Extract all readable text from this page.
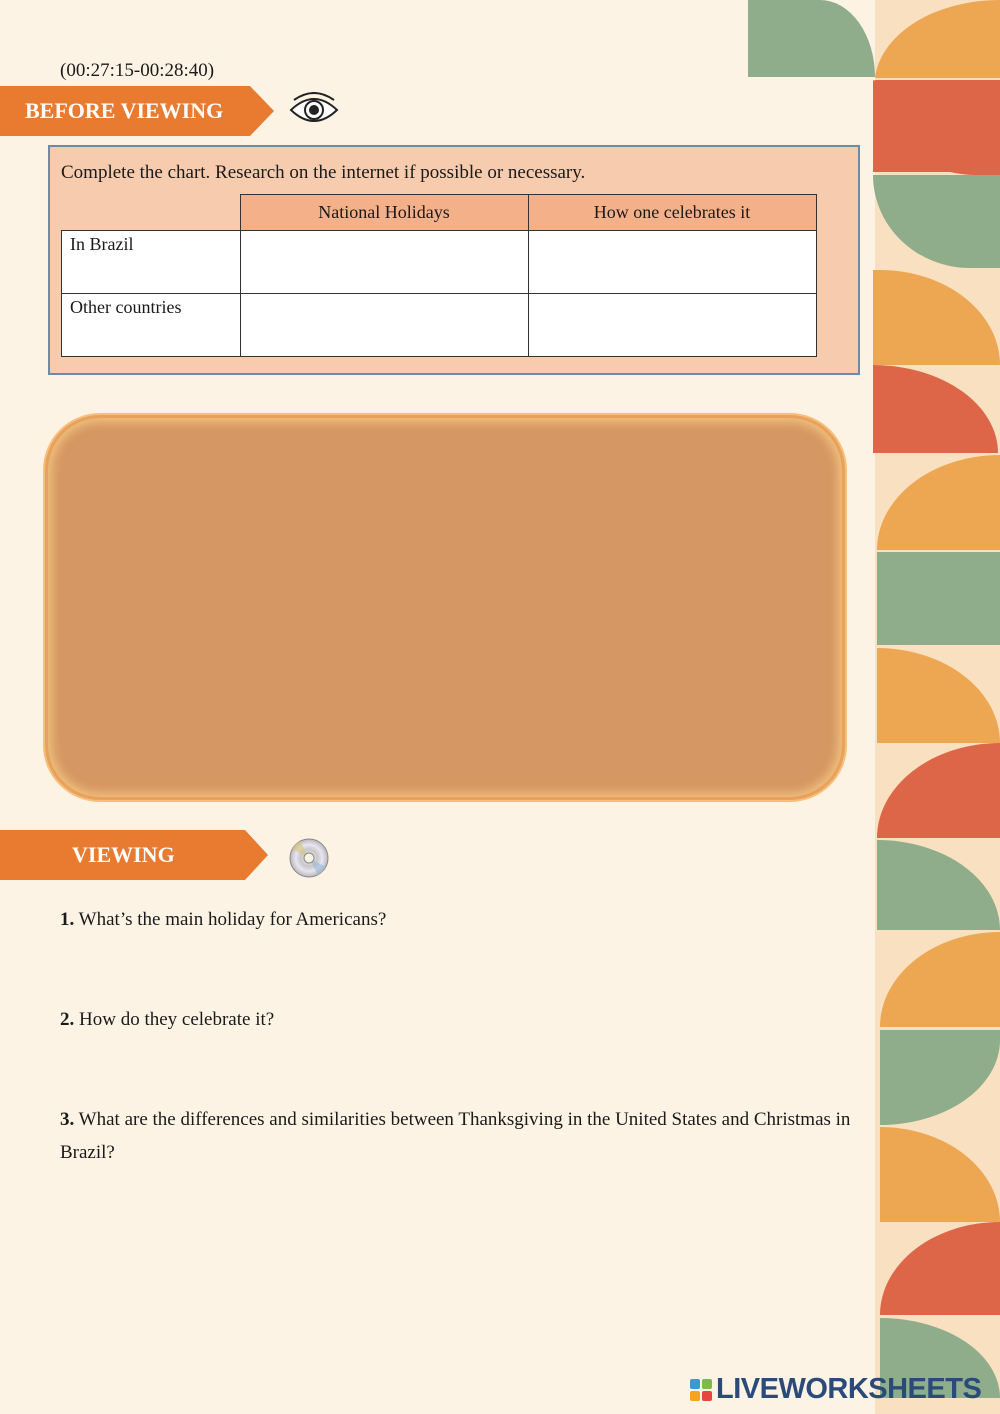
(00:27:15-00:28:40)
BEFORE VIEWING
Complete the chart. Research on the internet if possible or necessary.
	National Holidays	How one celebrates it
In Brazil		
Other countries		
VIEWING
1. What’s the main holiday for Americans?
2. How do they celebrate it?
3. What are the differences and similarities between Thanksgiving in the United States and Christmas in Brazil?
LIVEWORKSHEETS
